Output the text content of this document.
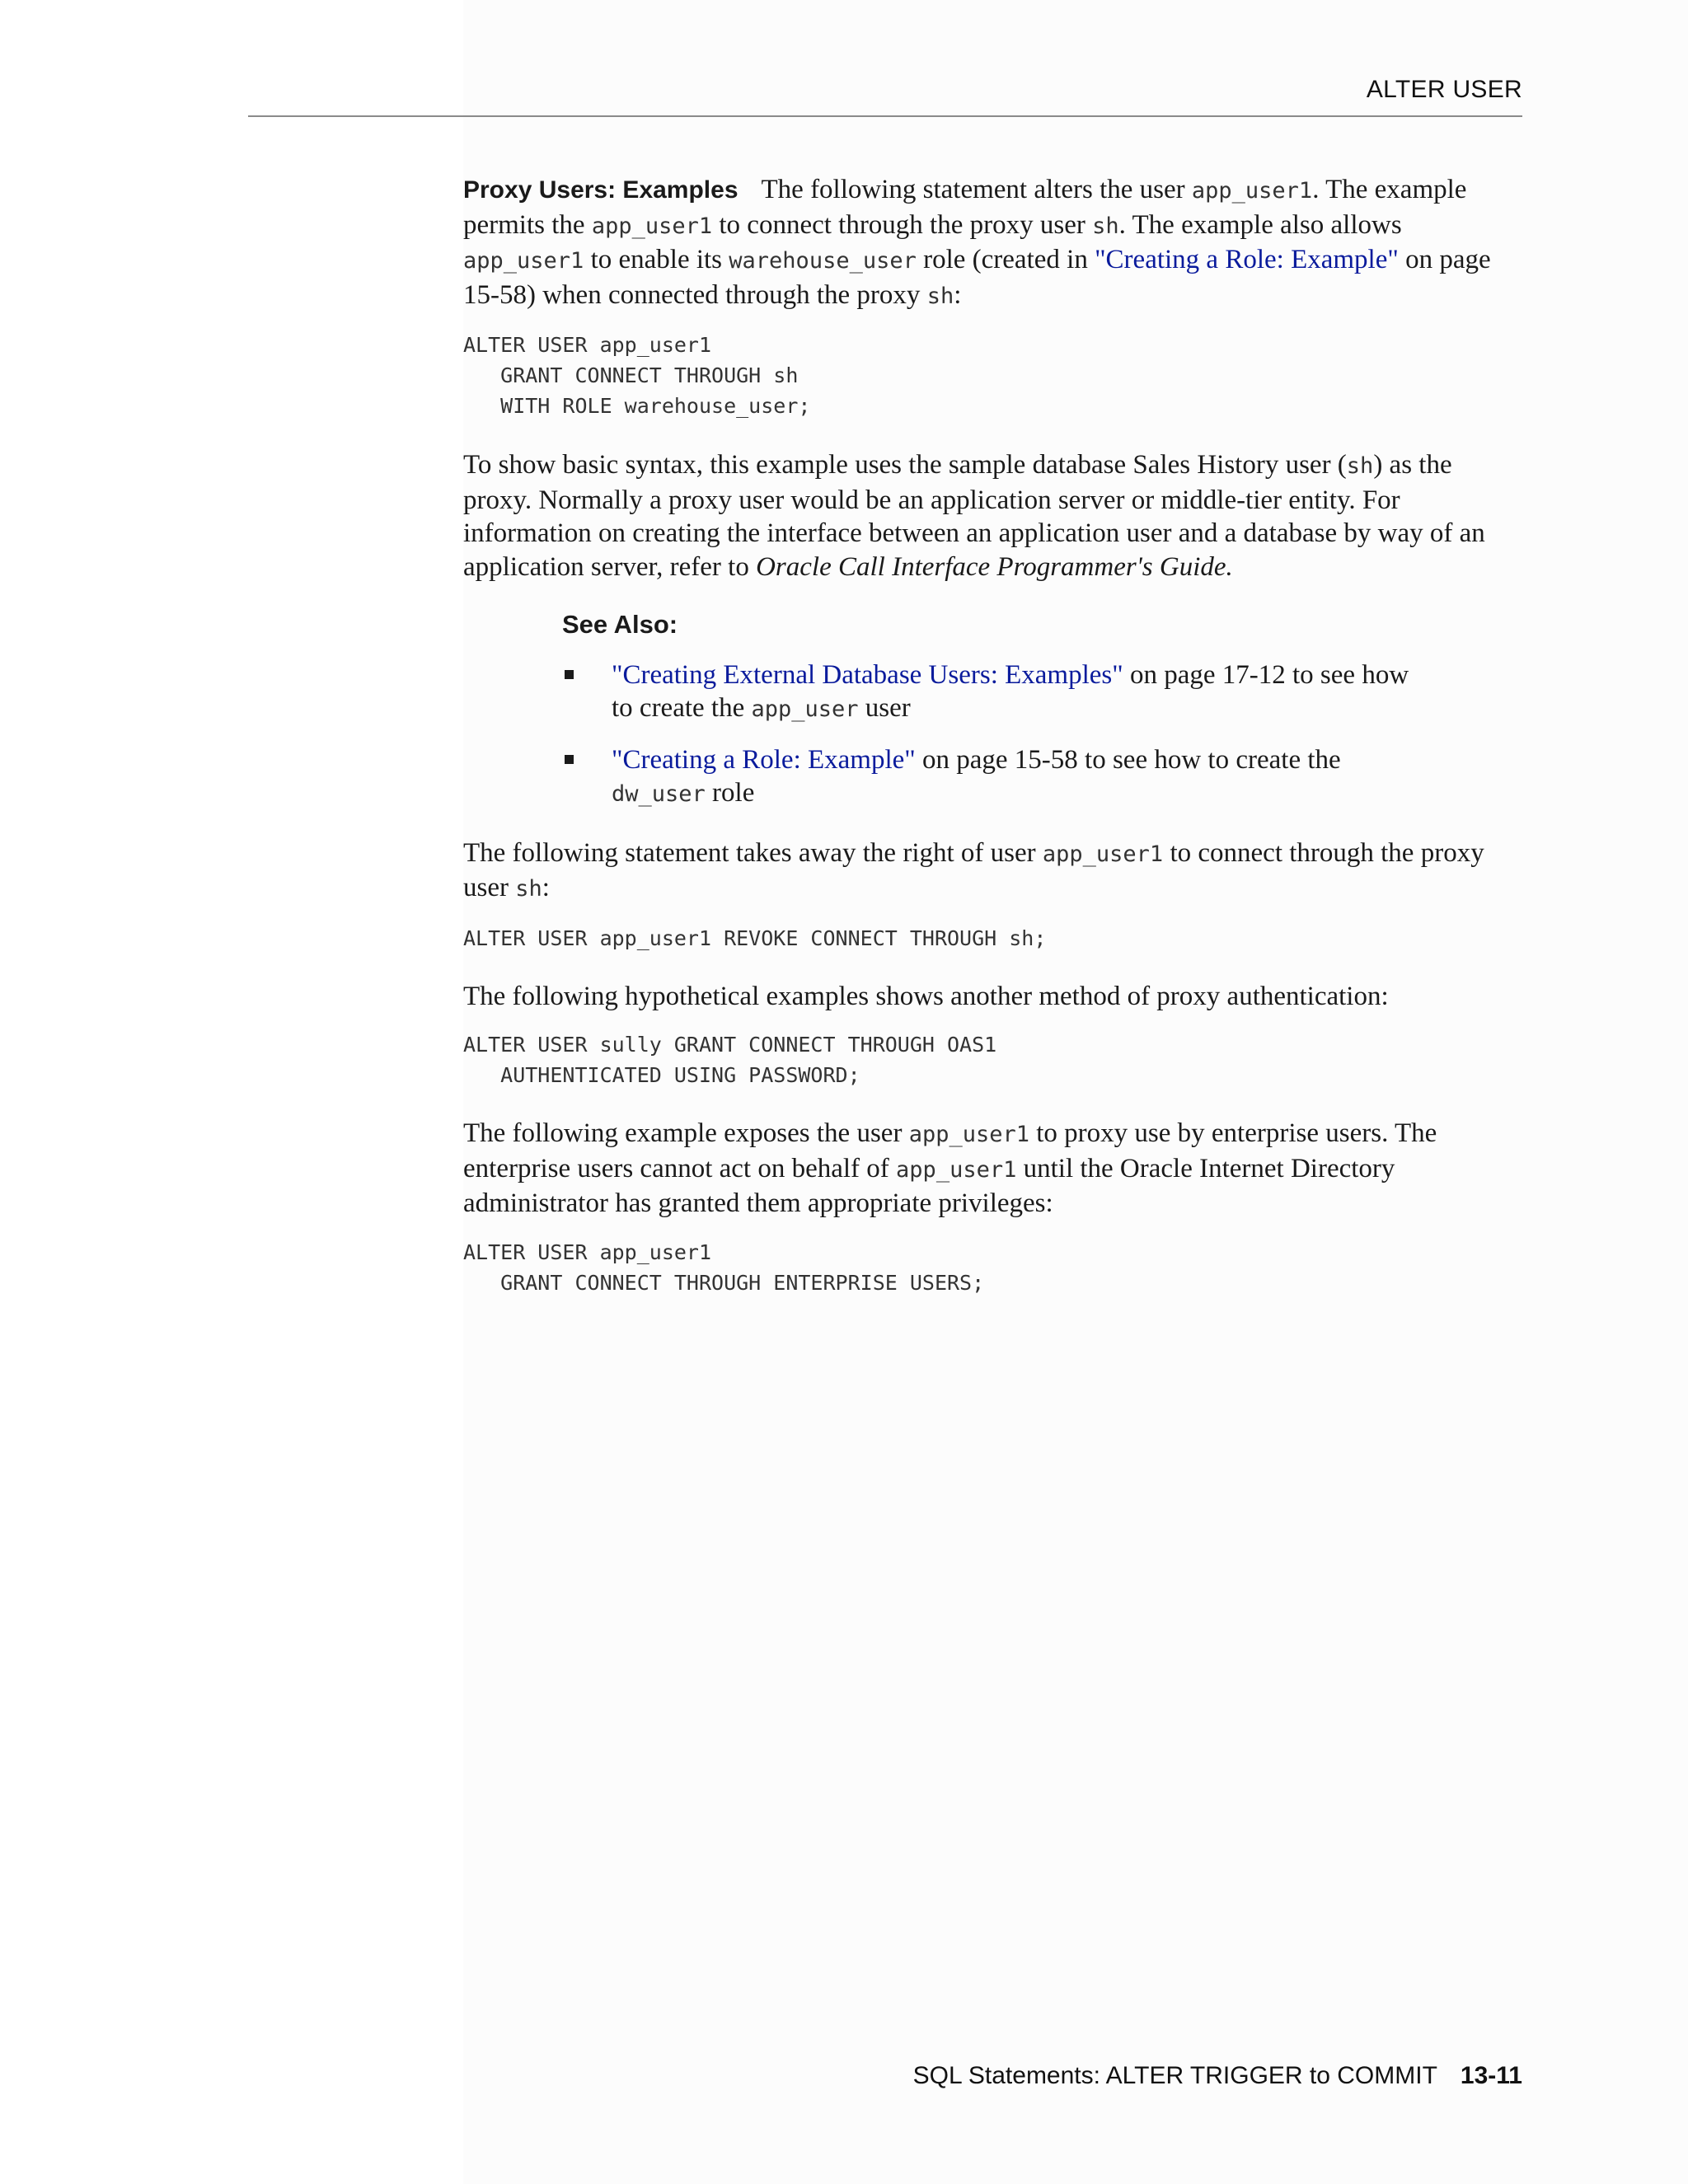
ALTER USER

Proxy Users: Examples The following statement alters the user app_user1. The example permits the app_user1 to connect through the proxy user sh. The example also allows app_user1 to enable its warehouse_user role (created in "Creating a Role: Example" on page 15-58) when connected through the proxy sh:

ALTER USER app_user1
GRANT CONNECT THROUGH sh
WITH ROLE warehouse_user;

To show basic syntax, this example uses the sample database Sales History user (sh) as the proxy. Normally a proxy user would be an application server or middle-tier entity. For information on creating the interface between an application user and a database by way of an application server, refer to Oracle Call Interface Programmer's Guide.

See Also:

"Creating External Database Users: Examples" on page 17-12 to see how to create the app_user user
"Creating a Role: Example" on page 15-58 to see how to create the dw_user role

The following statement takes away the right of user app_user1 to connect through the proxy user sh:

ALTER USER app_user1 REVOKE CONNECT THROUGH sh;

The following hypothetical examples shows another method of proxy authentication:

ALTER USER sully GRANT CONNECT THROUGH OAS1
AUTHENTICATED USING PASSWORD;

The following example exposes the user app_user1 to proxy use by enterprise users. The enterprise users cannot act on behalf of app_user1 until the Oracle Internet Directory administrator has granted them appropriate privileges:

ALTER USER app_user1
GRANT CONNECT THROUGH ENTERPRISE USERS;
SQL Statements: ALTER TRIGGER to COMMIT 13-11
